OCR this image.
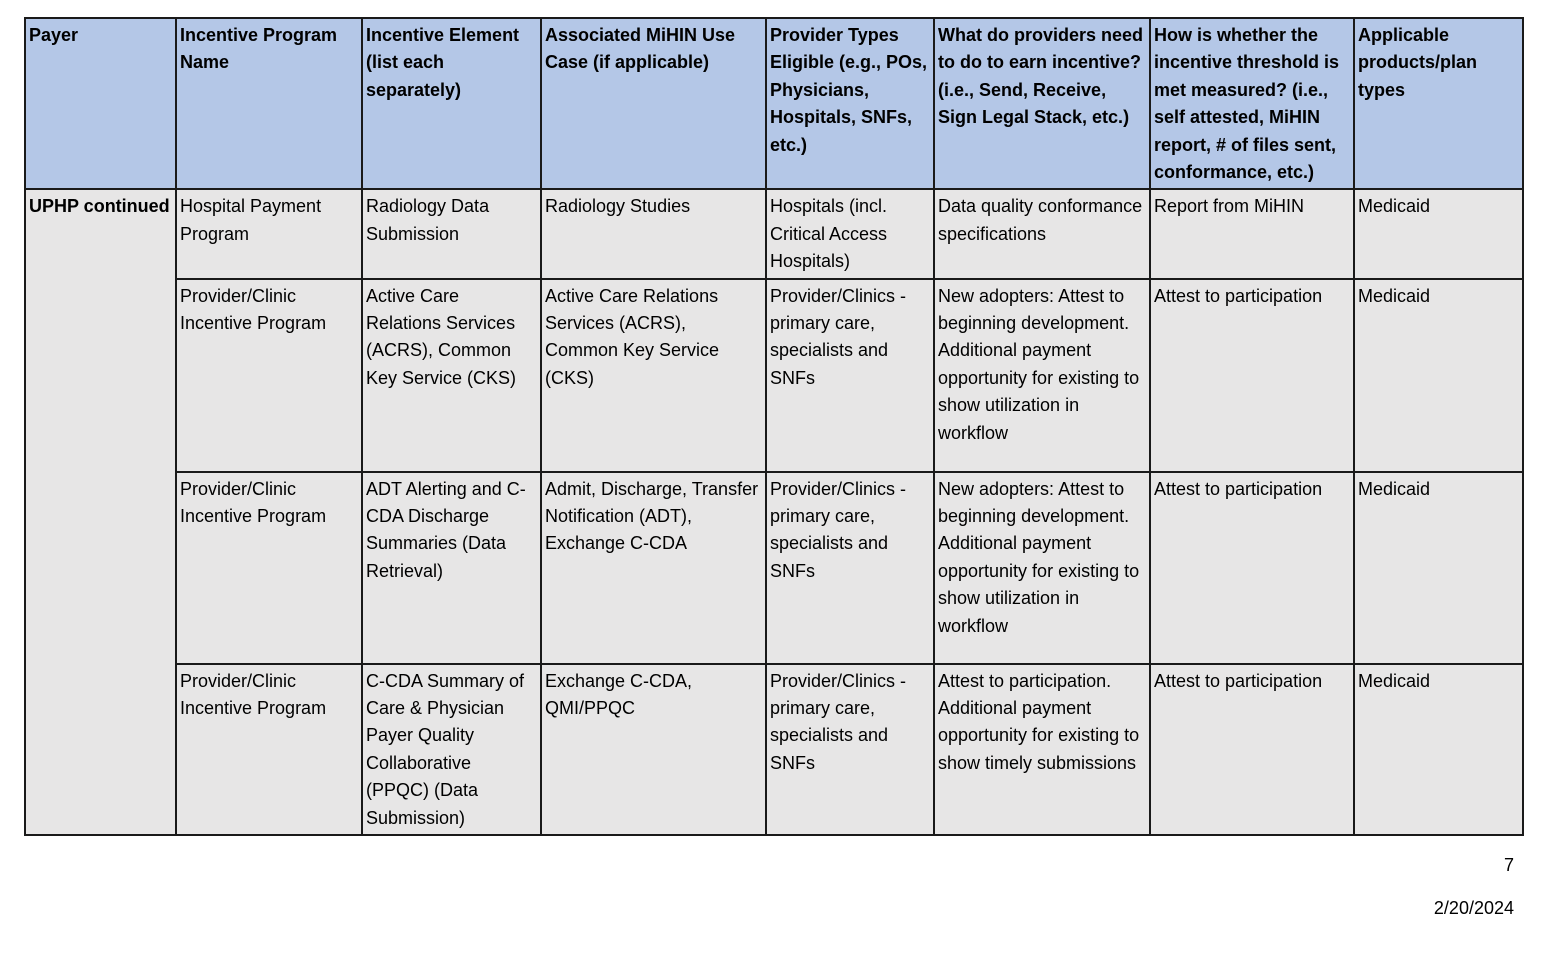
Payer	Incentive Program Name	Incentive Element (list each separately)	Associated MiHIN Use Case (if applicable)	Provider Types Eligible (e.g., POs, Physicians, Hospitals, SNFs, etc.)	What do providers need to do to earn incentive? (i.e., Send, Receive, Sign Legal Stack, etc.)	How is whether the incentive threshold is met measured? (i.e., self attested, MiHIN report, # of files sent, conformance, etc.)	Applicable products/plan types
UPHP continued	Hospital Payment Program	Radiology Data Submission	Radiology Studies	Hospitals (incl. Critical Access Hospitals)	Data quality conformance specifications	Report from MiHIN	Medicaid
	Provider/Clinic Incentive Program	Active Care Relations Services (ACRS), Common Key Service (CKS)	Active Care Relations Services (ACRS), Common Key Service (CKS)	Provider/Clinics - primary care, specialists and SNFs	New adopters: Attest to beginning development. Additional payment opportunity for existing to show utilization in workflow	Attest to participation	Medicaid
	Provider/Clinic Incentive Program	ADT Alerting and C-CDA Discharge Summaries (Data Retrieval)	Admit, Discharge, Transfer Notification (ADT), Exchange C-CDA	Provider/Clinics - primary care, specialists and SNFs	New adopters: Attest to beginning development. Additional payment opportunity for existing to show utilization in workflow	Attest to participation	Medicaid
	Provider/Clinic Incentive Program	C-CDA Summary of Care & Physician Payer Quality Collaborative (PPQC) (Data Submission)	Exchange C-CDA, QMI/PPQC	Provider/Clinics - primary care, specialists and SNFs	Attest to participation. Additional payment opportunity for existing to show timely submissions	Attest to participation	Medicaid
7
2/20/2024
